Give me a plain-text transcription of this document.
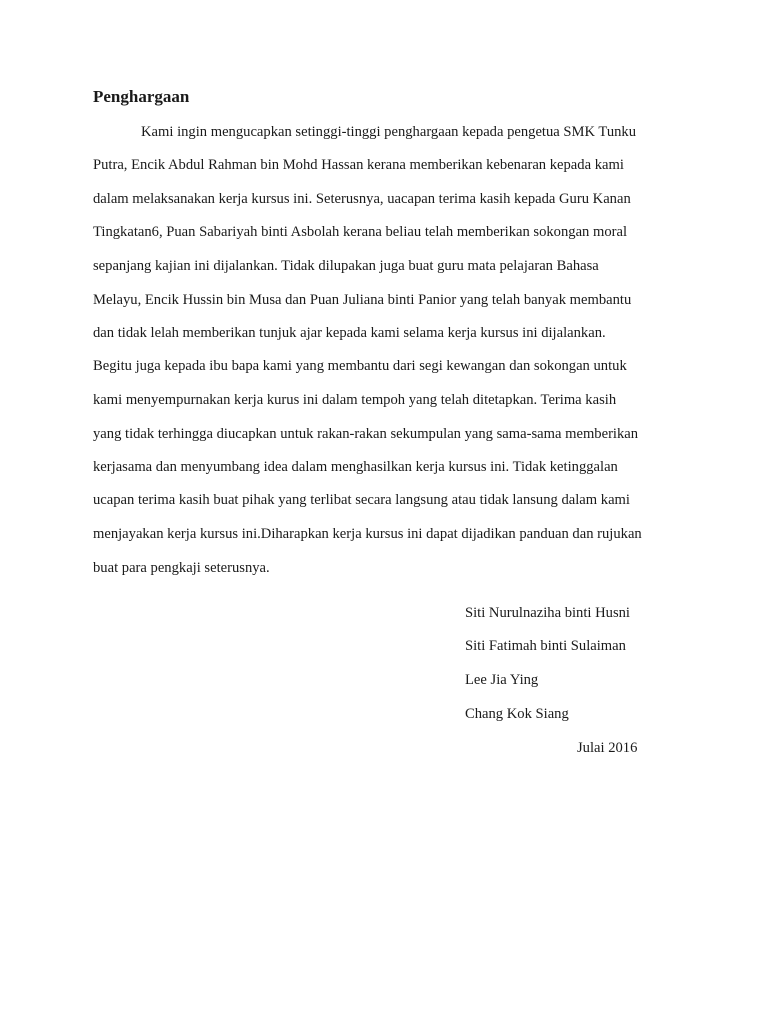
Penghargaan
Kami ingin mengucapkan setinggi-tinggi penghargaan kepada pengetua SMK Tunku
Putra, Encik Abdul Rahman bin Mohd Hassan kerana memberikan kebenaran kepada kami
dalam melaksanakan kerja kursus ini. Seterusnya, uacapan terima kasih kepada Guru Kanan
Tingkatan6, Puan Sabariyah binti Asbolah kerana beliau telah memberikan sokongan moral
sepanjang kajian ini dijalankan. Tidak dilupakan juga buat guru mata pelajaran Bahasa
Melayu, Encik Hussin bin Musa dan Puan Juliana binti Panior yang telah banyak membantu
dan tidak lelah memberikan tunjuk ajar kepada kami selama kerja kursus ini dijalankan.
Begitu juga kepada ibu bapa kami yang membantu dari segi kewangan dan sokongan untuk
kami menyempurnakan kerja kurus ini dalam tempoh yang telah ditetapkan. Terima kasih
yang tidak terhingga diucapkan untuk rakan-rakan sekumpulan yang sama-sama memberikan
kerjasama dan menyumbang idea dalam menghasilkan kerja kursus ini. Tidak ketinggalan
ucapan terima kasih buat pihak yang terlibat secara langsung atau tidak lansung dalam kami
menjayakan kerja kursus ini.Diharapkan kerja kursus ini dapat dijadikan panduan dan rujukan
buat para pengkaji seterusnya.
Siti Nurulnaziha binti Husni
Siti Fatimah binti Sulaiman
Lee Jia Ying
Chang Kok Siang
Julai 2016
